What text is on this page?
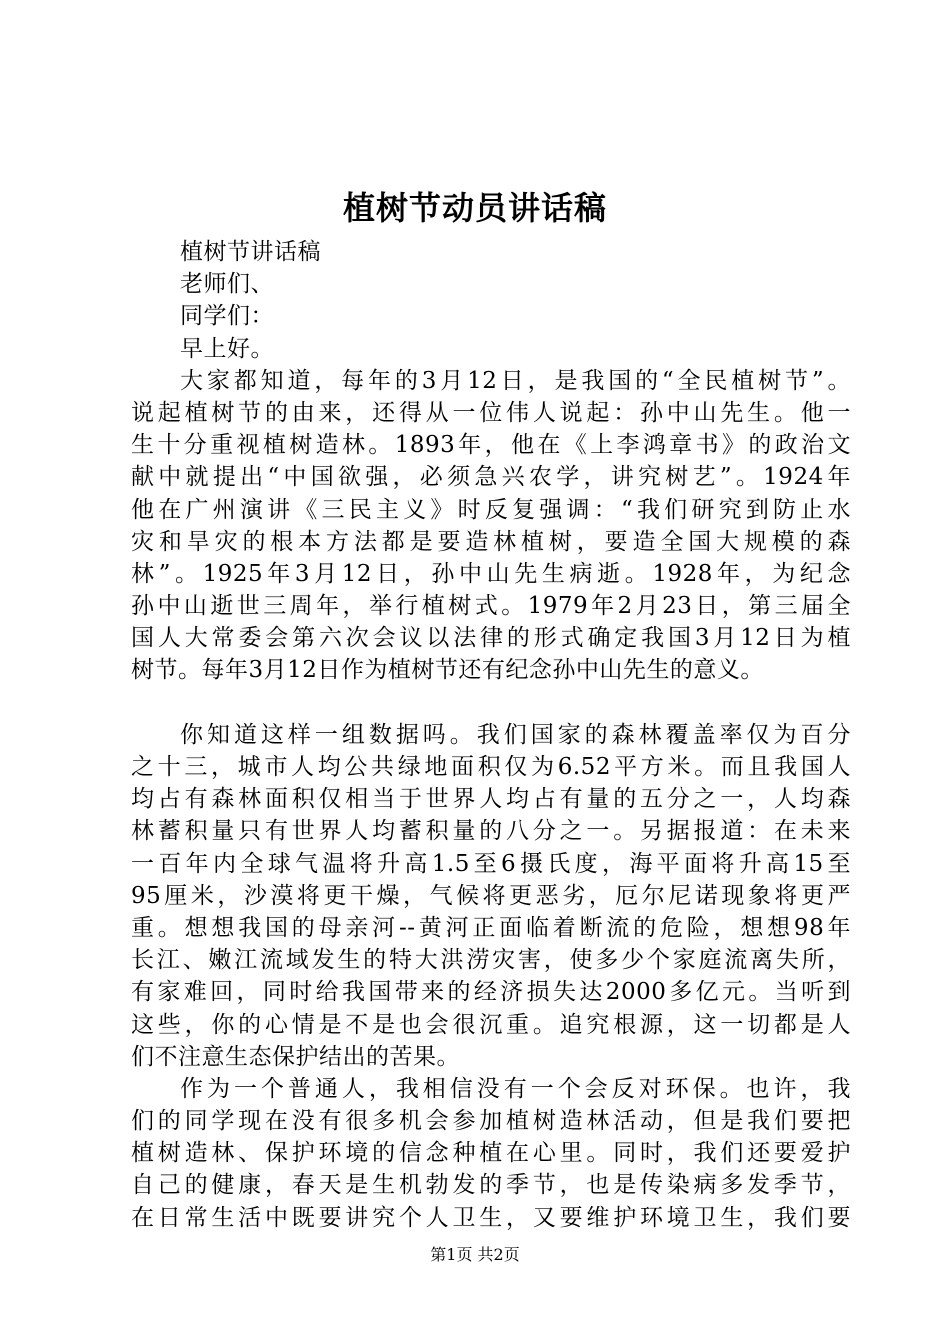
植树节动员讲话稿
植树节讲话稿
老师们、
同学们：
早上好。
大家都知道，每年的3月12日，是我国的“全民植树节”。
说起植树节的由来，还得从一位伟人说起：孙中山先生。他一
生十分重视植树造林。1893年，他在《上李鸿章书》的政治文
献中就提出“中国欲强，必须急兴农学，讲究树艺”。1924年
他在广州演讲《三民主义》时反复强调：“我们研究到防止水
灾和旱灾的根本方法都是要造林植树，要造全国大规模的森
林”。1925年3月12日，孙中山先生病逝。1928年，为纪念
孙中山逝世三周年，举行植树式。1979年2月23日，第三届全
国人大常委会第六次会议以法律的形式确定我国3月12日为植
树节。每年3月12日作为植树节还有纪念孙中山先生的意义。
你知道这样一组数据吗。我们国家的森林覆盖率仅为百分
之十三，城市人均公共绿地面积仅为6.52平方米。而且我国人
均占有森林面积仅相当于世界人均占有量的五分之一，人均森
林蓄积量只有世界人均蓄积量的八分之一。另据报道：在未来
一百年内全球气温将升高1.5至6摄氏度，海平面将升高15至
95厘米，沙漠将更干燥，气候将更恶劣，厄尔尼诺现象将更严
重。想想我国的母亲河--黄河正面临着断流的危险，想想98年
长江、嫩江流域发生的特大洪涝灾害，使多少个家庭流离失所，
有家难回，同时给我国带来的经济损失达2000多亿元。当听到
这些，你的心情是不是也会很沉重。追究根源，这一切都是人
们不注意生态保护结出的苦果。
作为一个普通人，我相信没有一个会反对环保。也许，我
们的同学现在没有很多机会参加植树造林活动，但是我们要把
植树造林、保护环境的信念种植在心里。同时，我们还要爱护
自己的健康，春天是生机勃发的季节，也是传染病多发季节，
在日常生活中既要讲究个人卫生，又要维护环境卫生，我们要
第1页 共2页
